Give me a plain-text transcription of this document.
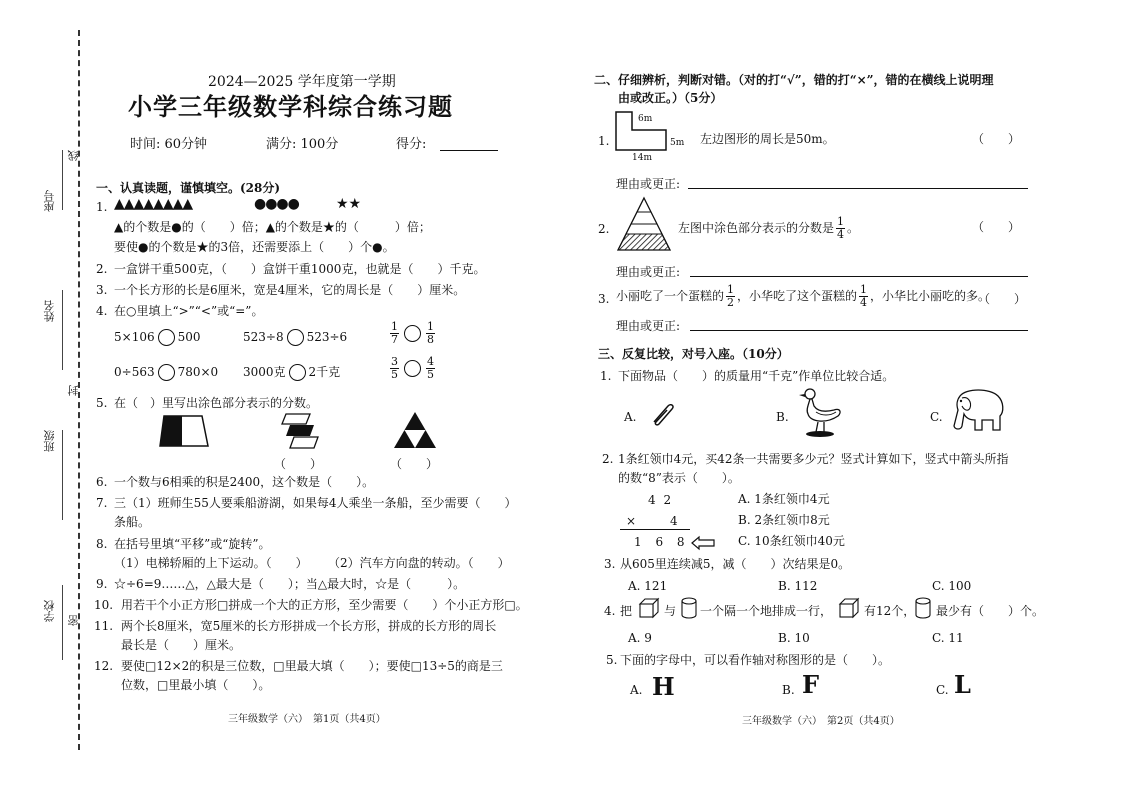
座号
姓名
班级
学校
线
封
密
2024—2025 学年度第一学期
小学三年级数学科综合练习题
时间: 60分钟	满分: 100分	得分:
一、认真读题，谨慎填空。(28分)
1. ▲▲▲▲▲▲▲▲	●●●●	★★
▲的个数是●的（　　）倍；▲的个数是★的（　　　）倍；
要使●的个数是★的3倍，还需要添上（　　）个●。
2. 一盒饼干重500克，（　　）盒饼干重1000克，也就是（　　）千克。
3. 一个长方形的长是6厘米，宽是4厘米，它的周长是（　　）厘米。
4. 在○里填上“>”“<”或“=”。
5×106 500	523÷8 523÷6	$\frac{1}{7} \frac{1}{8}$
0÷563 780×0 3000克 2千克	$\frac{3}{5} \frac{4}{5}$
5. 在（　）里写出涂色部分表示的分数。
（　　）	（　　）
6. 一个数与6相乘的积是2400，这个数是（　　）。
7. 三（1）班师生55人要乘船游湖，如果每4人乘坐一条船，至少需要（　　）
条船。
8. 在括号里填“平移”或“旋转”。
（1）电梯轿厢的上下运动。（　　） （2）汽车方向盘的转动。（　　）
9. ☆÷6=9……△，△最大是（　　）；当△最大时，☆是（　　　）。
10. 用若干个小正方形□拼成一个大的正方形，至少需要（　　）个小正方形□。
11. 两个长8厘米，宽5厘米的长方形拼成一个长方形，拼成的长方形的周长
最长是（　　）厘米。
12. 要使□12×2的积是三位数，□里最大填（　　）；要使□13÷5的商是三
位数，□里最小填（　　）。
三年级数学（六）　第1页（共4页）
二、仔细辨析，判断对错。（对的打“√”，错的打“×”，错的在横线上说明理
由或改正。）（5分）
1.
6m
5m
14m
左边图形的周长是50m。	（　　）
理由或更正:
2.	左图中涂色部分表示的分数是 $\frac{1}{4}$ 。	（　　）
理由或更正:
3. 小丽吃了一个蛋糕的 $\frac{1}{2}$ ，小华吃了这个蛋糕的 $\frac{1}{4}$ ，小华比小丽吃的多。
（　　）
理由或更正:
三、反复比较，对号入座。（10分）
1. 下面物品（　　）的质量用“千克”作单位比较合适。
A.	B.	C.
2. 1条红领巾4元，买42条一共需要多少元？竖式计算如下，竖式中箭头所指
的数“8”表示（　　）。
4 2
×	4
1 6 8
A. 1条红领巾4元
B. 2条红领巾8元
C. 10条红领巾40元
3. 从605里连续减5，减（　　）次结果是0。
A. 121	B. 112	C. 100
4. 把	与 一个隔一个地排成一行，	有12个， 最少有（　　）个。
A. 9	B. 10	C. 11
5. 下面的字母中，可以看作轴对称图形的是（　　）。
A. H	B. F	C. L
三年级数学（六）　第2页（共4页）
